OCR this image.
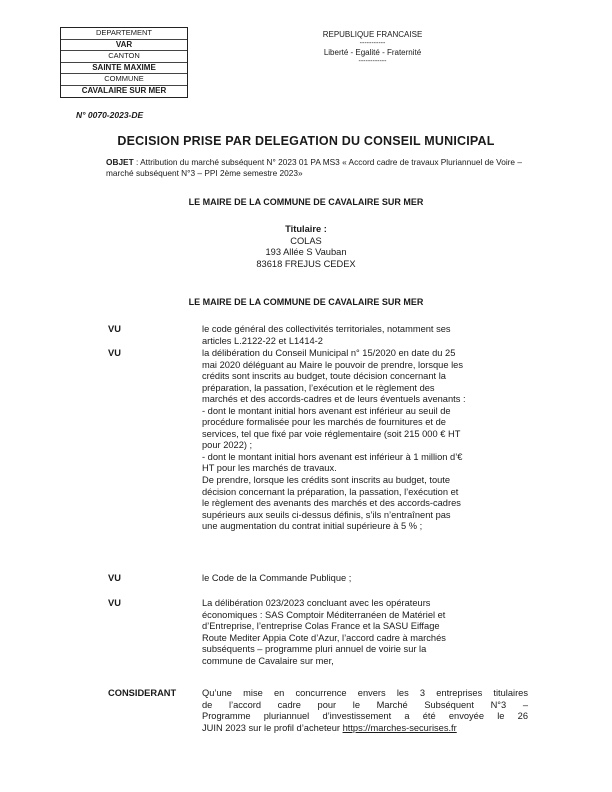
DEPARTEMENT
VAR
CANTON
SAINTE MAXIME
COMMUNE
CAVALAIRE SUR MER
REPUBLIQUE FRANCAISE
-----------
Liberté - Egalité - Fraternité
------------
N° 0070-2023-DE
DECISION PRISE PAR DELEGATION DU CONSEIL MUNICIPAL
OBJET : Attribution du marché subséquent N° 2023 01 PA MS3 « Accord cadre de travaux Pluriannuel de Voire – marché subséquent N°3 – PPI 2ème semestre 2023»
LE MAIRE DE LA COMMUNE DE CAVALAIRE SUR MER
Titulaire :
COLAS
193 Allée S Vauban
83618 FREJUS CEDEX
LE MAIRE DE LA COMMUNE DE CAVALAIRE SUR MER
VU	le code général des collectivités territoriales, notamment ses
articles L.2122-22 et L1414-2
VU	la délibération du Conseil Municipal n° 15/2020 en date du 25
mai 2020 déléguant au Maire le pouvoir de prendre, lorsque les
crédits sont inscrits au budget, toute décision concernant la
préparation, la passation, l’exécution et le règlement des
marchés et des accords-cadres et de leurs éventuels avenants :
- dont le montant initial hors avenant est inférieur au seuil de
procédure formalisée pour les marchés de fournitures et de
services, tel que fixé par voie réglementaire (soit 215 000 € HT
pour 2022) ;
- dont le montant initial hors avenant est inférieur à 1 million d’€
HT pour les marchés de travaux.
De prendre, lorsque les crédits sont inscrits au budget, toute
décision concernant la préparation, la passation, l’exécution et
le règlement des avenants des marchés et des accords-cadres
supérieurs aux seuils ci-dessus définis, s’ils n’entraînent pas
une augmentation du contrat initial supérieure à 5 % ;
VU	le Code de la Commande Publique ;
VU	La délibération 023/2023 concluant avec les opérateurs
économiques : SAS Comptoir Méditerranéen de Matériel et
d’Entreprise, l’entreprise Colas France et la SASU Eiffage
Route Mediter Appia Cote d’Azur, l’accord cadre à marchés
subséquents – programme pluri annuel de voirie sur la
commune de Cavalaire sur mer,
CONSIDERANT	Qu’une mise en concurrence envers les 3 entreprises titulaires
de l’accord cadre pour le Marché Subséquent N°3 –
Programme pluriannuel d’investissement a été envoyée le 26
JUIN 2023 sur le profil d’acheteur https://marches-securises.fr
